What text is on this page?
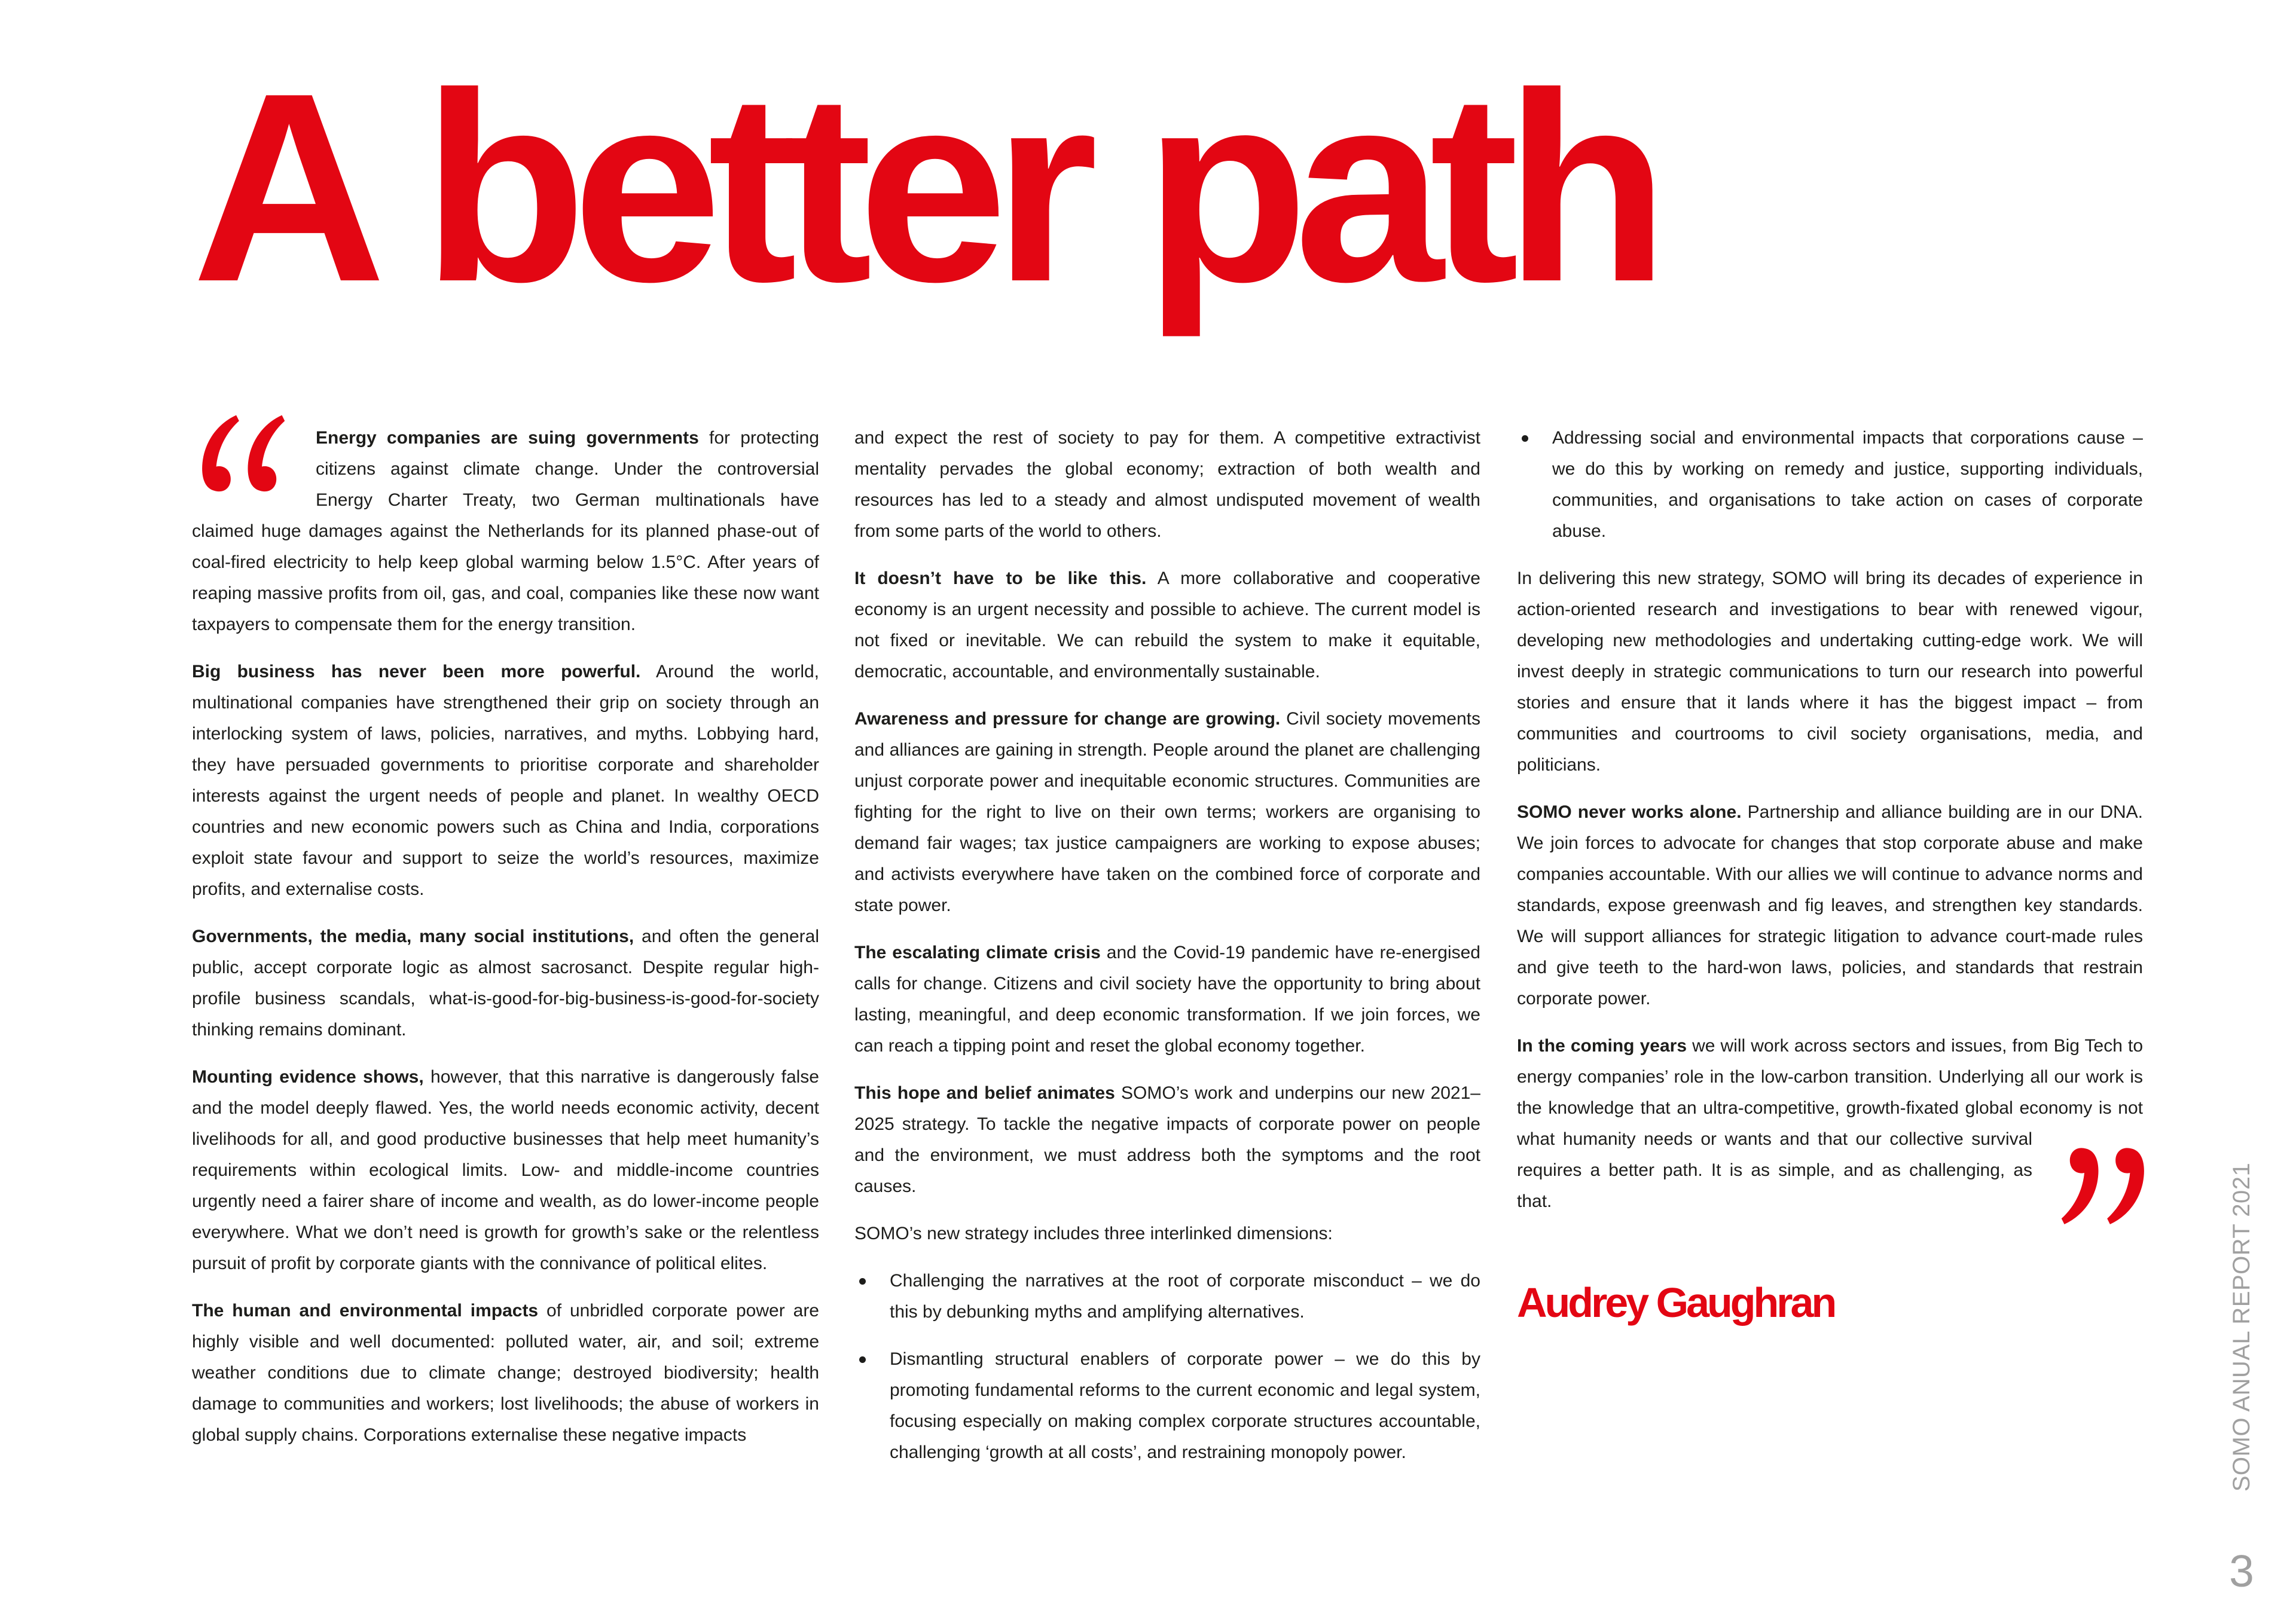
A better path

Energy companies are suing governments for protecting citizens against climate change. Under the controversial Energy Charter Treaty, two German multinationals have claimed huge damages against the Netherlands for its planned phase-out of coal-fired electricity to help keep global warming below 1.5°C. After years of reaping massive profits from oil, gas, and coal, companies like these now want taxpayers to compensate them for the energy transition.

Big business has never been more powerful. Around the world, multinational companies have strengthened their grip on society through an interlocking system of laws, policies, narratives, and myths. Lobbying hard, they have persuaded governments to prioritise corporate and shareholder interests against the urgent needs of people and planet. In wealthy OECD countries and new economic powers such as China and India, corporations exploit state favour and support to seize the world’s resources, maximize profits, and externalise costs.

Governments, the media, many social institutions, and often the general public, accept corporate logic as almost sacrosanct. Despite regular high-profile business scandals, what-is-good-for-big-business-is-good-for-society thinking remains dominant.

Mounting evidence shows, however, that this narrative is dangerously false and the model deeply flawed. Yes, the world needs economic activity, decent livelihoods for all, and good productive businesses that help meet humanity’s requirements within ecological limits. Low- and middle-income countries urgently need a fairer share of income and wealth, as do lower-income people everywhere. What we don’t need is growth for growth’s sake or the relentless pursuit of profit by corporate giants with the connivance of political elites.

The human and environmental impacts of unbridled corporate power are highly visible and well documented: polluted water, air, and soil; extreme weather conditions due to climate change; destroyed biodiversity; health damage to communities and workers; lost livelihoods; the abuse of workers in global supply chains. Corporations externalise these negative impacts

and expect the rest of society to pay for them. A competitive extractivist mentality pervades the global economy; extraction of both wealth and resources has led to a steady and almost undisputed movement of wealth from some parts of the world to others.

It doesn’t have to be like this. A more collaborative and cooperative economy is an urgent necessity and possible to achieve. The current model is not fixed or inevitable. We can rebuild the system to make it equitable, democratic, accountable, and environmentally sustainable.

Awareness and pressure for change are growing. Civil society movements and alliances are gaining in strength. People around the planet are challenging unjust corporate power and inequitable economic structures. Communities are fighting for the right to live on their own terms; workers are organising to demand fair wages; tax justice campaigners are working to expose abuses; and activists everywhere have taken on the combined force of corporate and state power.

The escalating climate crisis and the Covid-19 pandemic have re-energised calls for change. Citizens and civil society have the opportunity to bring about lasting, meaningful, and deep economic transformation. If we join forces, we can reach a tipping point and reset the global economy together.

This hope and belief animates SOMO’s work and underpins our new 2021–2025 strategy. To tackle the negative impacts of corporate power on people and the environment, we must address both the symptoms and the root causes.

SOMO’s new strategy includes three interlinked dimensions:

Challenging the narratives at the root of corporate misconduct – we do this by debunking myths and amplifying alternatives.
Dismantling structural enablers of corporate power – we do this by promoting fundamental reforms to the current economic and legal system, focusing especially on making complex corporate structures accountable, challenging ‘growth at all costs’, and restraining monopoly power.
Addressing social and environmental impacts that corporations cause – we do this by working on remedy and justice, supporting individuals, communities, and organisations to take action on cases of corporate abuse.

In delivering this new strategy, SOMO will bring its decades of experience in action-oriented research and investigations to bear with renewed vigour, developing new methodologies and undertaking cutting-edge work. We will invest deeply in strategic communications to turn our research into powerful stories and ensure that it lands where it has the biggest impact – from communities and courtrooms to civil society organisations, media, and politicians.

SOMO never works alone. Partnership and alliance building are in our DNA. We join forces to advocate for changes that stop corporate abuse and make companies accountable. With our allies we will continue to advance norms and standards, expose greenwash and fig leaves, and strengthen key standards. We will support alliances for strategic litigation to advance court-made rules and give teeth to the hard-won laws, policies, and standards that restrain corporate power.

In the coming years we will work across sectors and issues, from Big Tech to energy companies’ role in the low-carbon transition. Underlying all our work is the knowledge that an ultra-competitive, growth-fixated global economy is not what humanity needs or wants and that our collective survival requires a better path. It is as simple, and as challenging, as that.

Audrey Gaughran	SOMO ANUAL REPORT 2021
3
